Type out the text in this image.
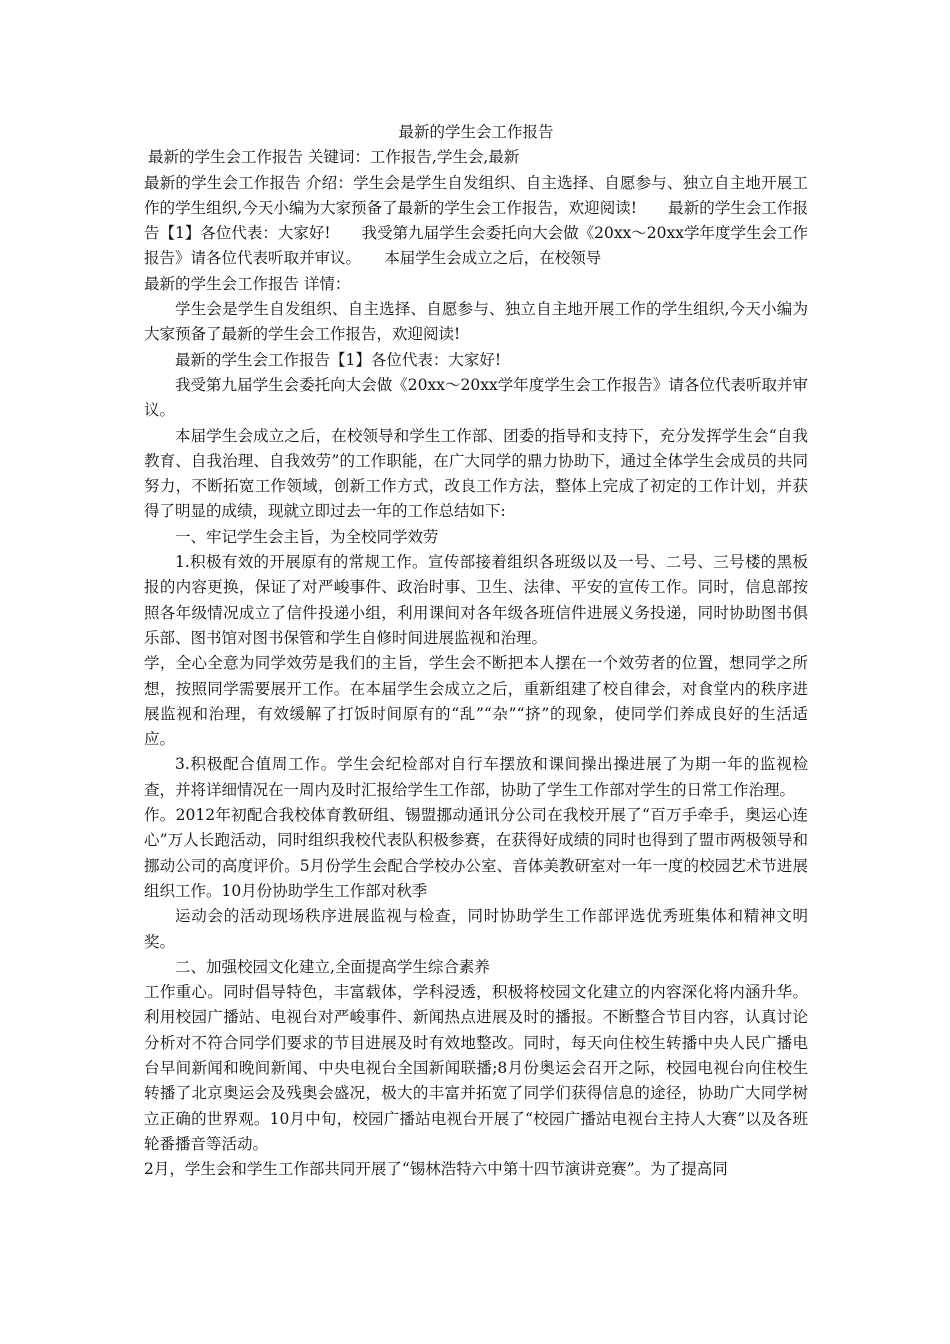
最新的学生会工作报告

最新的学生会工作报告 关键词：工作报告,学生会,最新

最新的学生会工作报告 介绍：学生会是学生自发组织、自主选择、自愿参与、独立自主地开展工作的学生组织,今天小编为大家预备了最新的学生会工作报告，欢迎阅读!　　最新的学生会工作报告【1】各位代表：大家好!　　我受第九届学生会委托向大会做《20xx～20xx学年度学生会工作报告》请各位代表听取并审议。　　本届学生会成立之后，在校领导

最新的学生会工作报告 详情：

学生会是学生自发组织、自主选择、自愿参与、独立自主地开展工作的学生组织,今天小编为大家预备了最新的学生会工作报告，欢迎阅读!

最新的学生会工作报告【1】各位代表：大家好!

我受第九届学生会委托向大会做《20xx～20xx学年度学生会工作报告》请各位代表听取并审议。

本届学生会成立之后，在校领导和学生工作部、团委的指导和支持下，充分发挥学生会“自我教育、自我治理、自我效劳”的工作职能，在广大同学的鼎力协助下，通过全体学生会成员的共同努力，不断拓宽工作领域，创新工作方式，改良工作方法，整体上完成了初定的工作计划，并获得了明显的成绩，现就立即过去一年的工作总结如下:

一、牢记学生会主旨，为全校同学效劳

1.积极有效的开展原有的常规工作。宣传部接着组织各班级以及一号、二号、三号楼的黑板报的内容更换，保证了对严峻事件、政治时事、卫生、法律、平安的宣传工作。同时，信息部按照各年级情况成立了信件投递小组，利用课间对各年级各班信件进展义务投递，同时协助图书俱乐部、图书馆对图书保管和学生自修时间进展监视和治理。

学，全心全意为同学效劳是我们的主旨，学生会不断把本人摆在一个效劳者的位置，想同学之所想，按照同学需要展开工作。在本届学生会成立之后，重新组建了校自律会，对食堂内的秩序进展监视和治理，有效缓解了打饭时间原有的“乱”“杂”“挤”的现象，使同学们养成良好的生活适应。

3.积极配合值周工作。学生会纪检部对自行车摆放和课间操出操进展了为期一年的监视检查，并将详细情况在一周内及时汇报给学生工作部，协助了学生工作部对学生的日常工作治理。

作。2012年初配合我校体育教研组、锡盟挪动通讯分公司在我校开展了“百万手牵手，奥运心连心”万人长跑活动，同时组织我校代表队积极参赛，在获得好成绩的同时也得到了盟市两极领导和挪动公司的高度评价。5月份学生会配合学校办公室、音体美教研室对一年一度的校园艺术节进展组织工作。10月份协助学生工作部对秋季

运动会的活动现场秩序进展监视与检查，同时协助学生工作部评选优秀班集体和精神文明奖。

二、加强校园文化建立,全面提高学生综合素养

工作重心。同时倡导特色，丰富载体，学科浸透，积极将校园文化建立的内容深化将内涵升华。利用校园广播站、电视台对严峻事件、新闻热点进展及时的播报。不断整合节目内容，认真讨论分析对不符合同学们要求的节目进展及时有效地整改。同时，每天向住校生转播中央人民广播电台早间新闻和晚间新闻、中央电视台全国新闻联播;8月份奥运会召开之际，校园电视台向住校生转播了北京奥运会及残奥会盛况，极大的丰富并拓宽了同学们获得信息的途径，协助广大同学树立正确的世界观。10月中旬，校园广播站电视台开展了“校园广播站电视台主持人大赛”以及各班轮番播音等活动。

2月，学生会和学生工作部共同开展了“锡林浩特六中第十四节演讲竞赛”。为了提高同
